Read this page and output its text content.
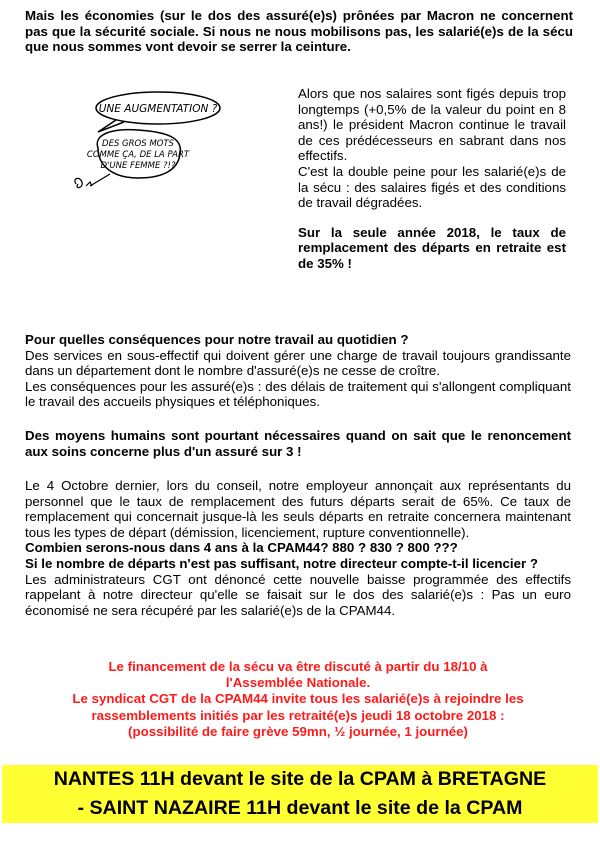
Mais les économies (sur le dos des assuré(e)s) prônées par Macron ne concernent pas que la sécurité sociale. Si nous ne nous mobilisons pas, les salarié(e)s de la sécu que nous sommes vont devoir se serrer la ceinture.

UNE AUGMENTATION ?
DES GROS MOTS
COMME ÇA, DE LA PART
D'UNE FEMME ?!?

Alors que nos salaires sont figés depuis trop longtemps (+0,5% de la valeur du point en 8 ans!) le président Macron continue le travail de ces prédécesseurs en sabrant dans nos effectifs.

C'est la double peine pour les salarié(e)s de la sécu : des salaires figés et des conditions de travail dégradées.

Sur la seule année 2018, le taux de remplacement des départs en retraite est de 35% !

Pour quelles conséquences pour notre travail au quotidien ?

Des services en sous-effectif qui doivent gérer une charge de travail toujours grandissante dans un département dont le nombre d'assuré(e)s ne cesse de croître.

Les conséquences pour les assuré(e)s : des délais de traitement qui s'allongent compliquant le travail des accueils physiques et téléphoniques.

Des moyens humains sont pourtant nécessaires quand on sait que le renoncement aux soins concerne plus d'un assuré sur 3 !

Le 4 Octobre dernier, lors du conseil, notre employeur annonçait aux représentants du personnel que le taux de remplacement des futurs départs serait de 65%. Ce taux de remplacement qui concernait jusque-là les seuls départs en retraite concernera maintenant tous les types de départ (démission, licenciement, rupture conventionnelle).

Combien serons-nous dans 4 ans à la CPAM44? 880 ? 830 ? 800 ???

Si le nombre de départs n'est pas suffisant, notre directeur compte-t-il licencier ?

Les administrateurs CGT ont dénoncé cette nouvelle baisse programmée des effectifs rappelant à notre directeur qu'elle se faisait sur le dos des salarié(e)s : Pas un euro économisé ne sera récupéré par les salarié(e)s de la CPAM44.

Le financement de la sécu va être discuté à partir du 18/10 à

l'Assemblée Nationale.

Le syndicat CGT de la CPAM44 invite tous les salarié(e)s à rejoindre les

rassemblements initiés par les retraité(e)s jeudi 18 octobre 2018 :

(possibilité de faire grève 59mn, ½ journée, 1 journée)

NANTES 11H devant le site de la CPAM à BRETAGNE

- SAINT NAZAIRE 11H devant le site de la CPAM
